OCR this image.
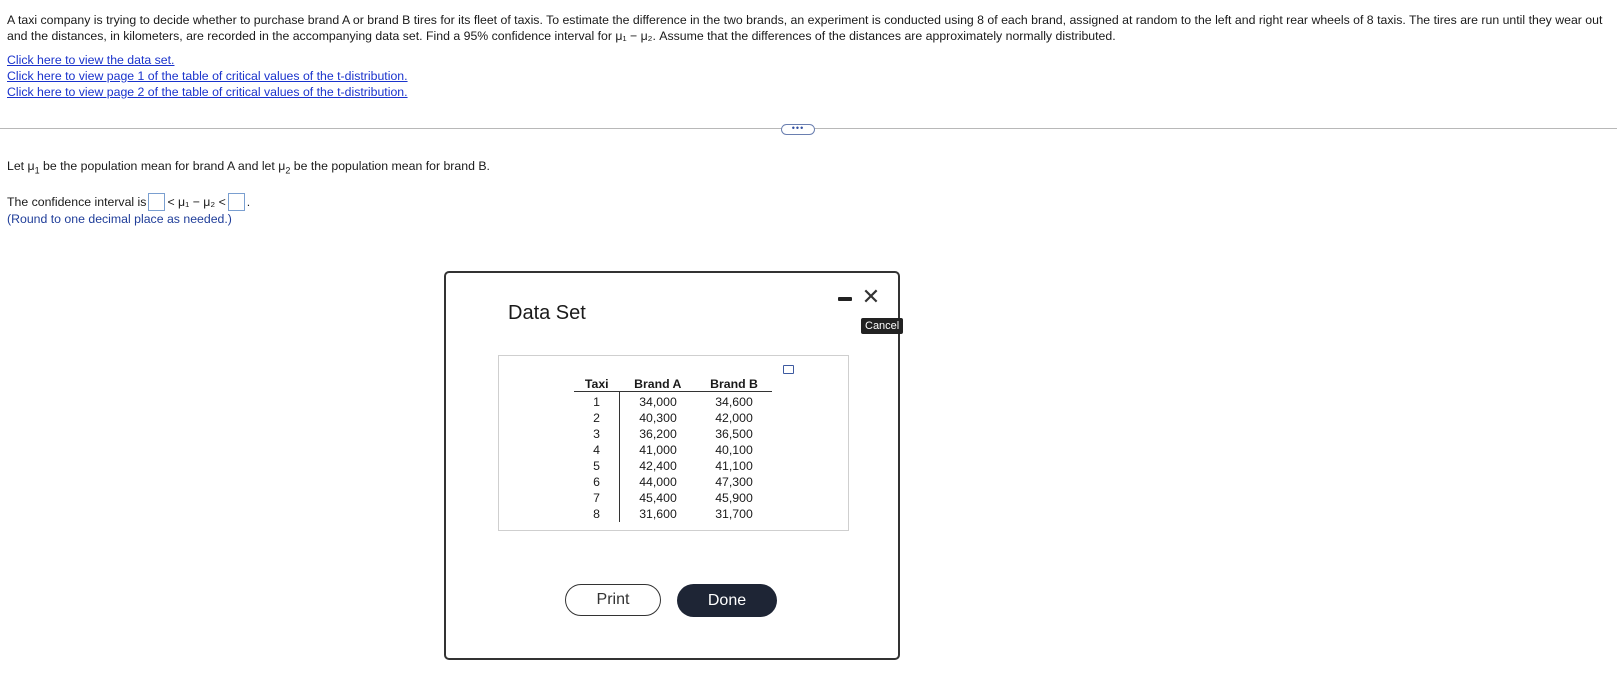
A taxi company is trying to decide whether to purchase brand A or brand B tires for its fleet of taxis. To estimate the difference in the two brands, an experiment is conducted using 8 of each brand, assigned at random to the left and right rear wheels of 8 taxis. The tires are run until they wear out and the distances, in kilometers, are recorded in the accompanying data set. Find a 95% confidence interval for μ₁ − μ₂. Assume that the differences of the distances are approximately normally distributed.
Click here to view the data set.
Click here to view page 1 of the table of critical values of the t-distribution.
Click here to view page 2 of the table of critical values of the t-distribution.
•••
Let $\mu_1$ be the population mean for brand A and let $\mu_2$ be the population mean for brand B.
The confidence interval is < μ₁ − μ₂ < .
(Round to one decimal place as needed.)
Data Set
✕
Cancel
Taxi	Brand A	Brand B
1	34,000	34,600
2	40,300	42,000
3	36,200	36,500
4	41,000	40,100
5	42,400	41,100
6	44,000	47,300
7	45,400	45,900
8	31,600	31,700
Print	Done
